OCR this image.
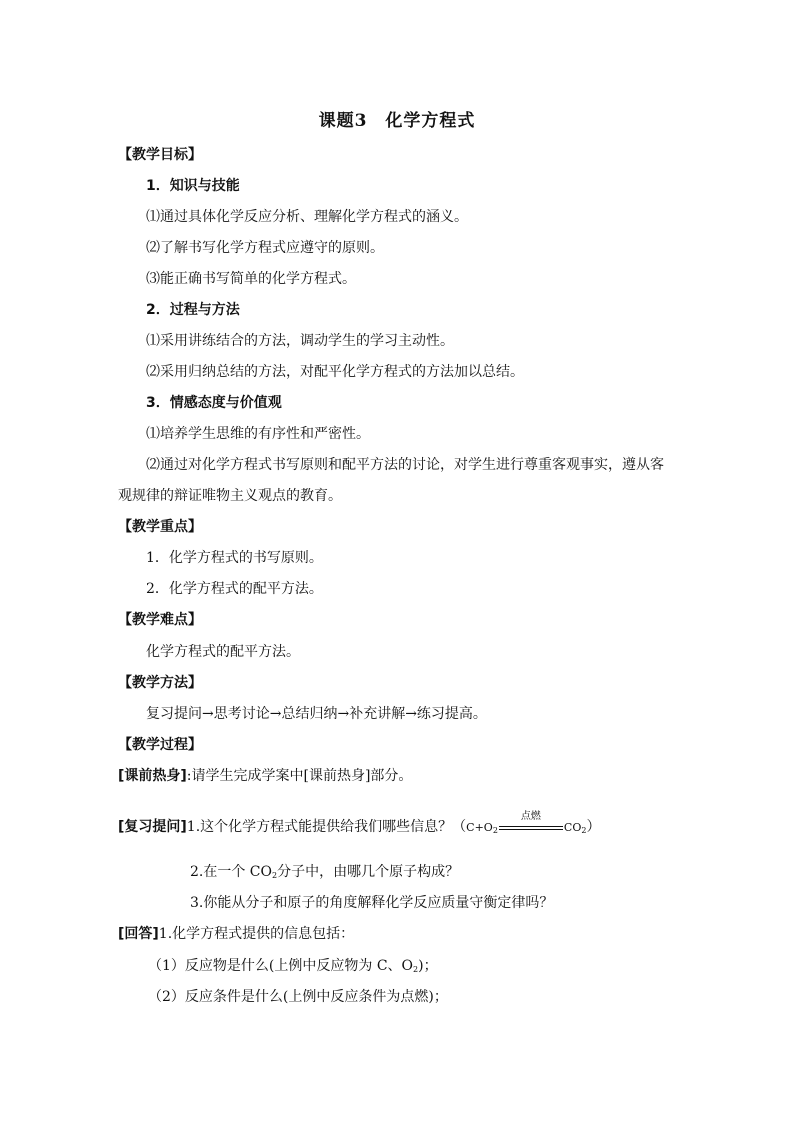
课题3　化学方程式
【教学目标】
1．知识与技能
⑴通过具体化学反应分析、理解化学方程式的涵义。
⑵了解书写化学方程式应遵守的原则。
⑶能正确书写简单的化学方程式。
2．过程与方法
⑴采用讲练结合的方法，调动学生的学习主动性。
⑵采用归纳总结的方法，对配平化学方程式的方法加以总结。
3．情感态度与价值观
⑴培养学生思维的有序性和严密性。
⑵通过对化学方程式书写原则和配平方法的讨论，对学生进行尊重客观事实，遵从客
观规律的辩证唯物主义观点的教育。
【教学重点】
1．化学方程式的书写原则。
2．化学方程式的配平方法。
【教学难点】
化学方程式的配平方法。
【教学方法】
复习提问→思考讨论→总结归纳→补充讲解→练习提高。
【教学过程】
[课前热身]:请学生完成学案中[课前热身]部分。
[复习提问]1.这个化学方程式能提供给我们哪些信息？（$C+O_2$
点燃
$CO_2$）
2.在一个 $CO_2$分子中，由哪几个原子构成？
3.你能从分子和原子的角度解释化学反应质量守衡定律吗？
[回答]1.化学方程式提供的信息包括：
（1）反应物是什么(上例中反应物为 C、$O_2$)；
（2）反应条件是什么(上例中反应条件为点燃)；
